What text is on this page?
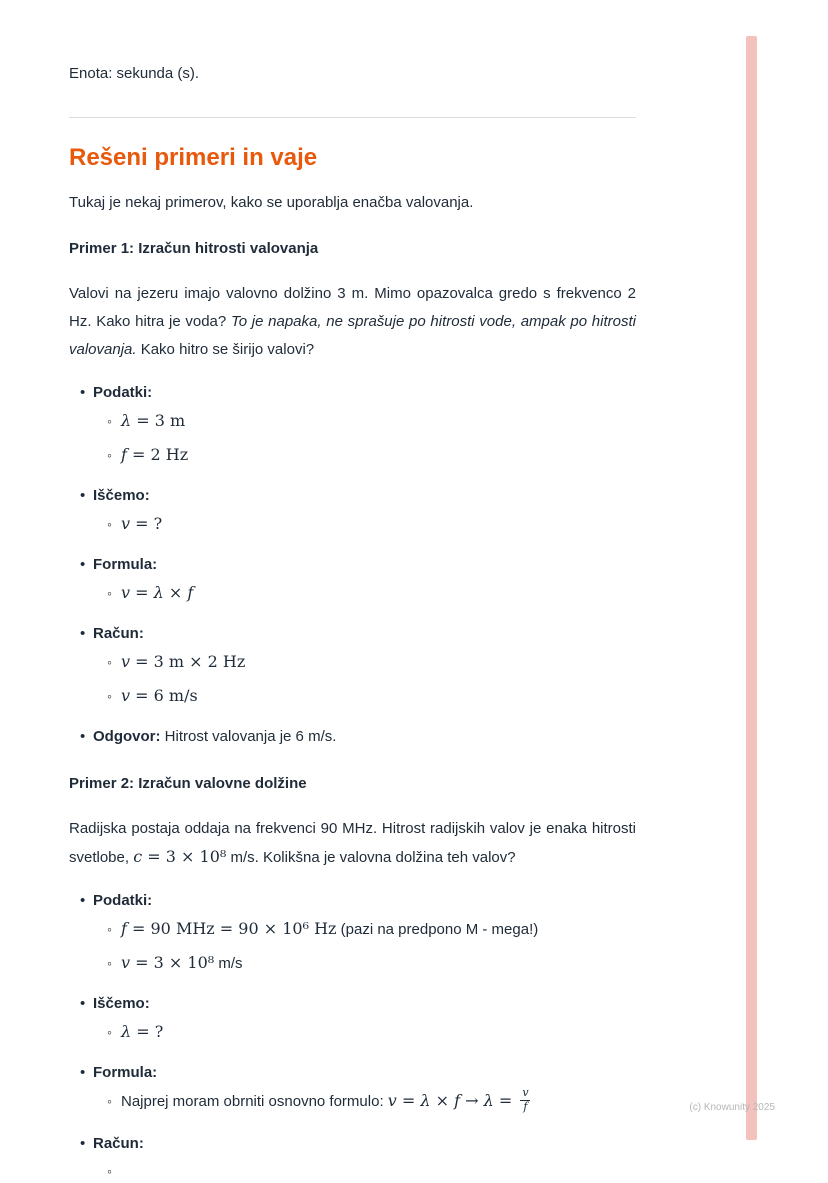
Enota: sekunda (s).

Rešeni primeri in vaje

Tukaj je nekaj primerov, kako se uporablja enačba valovanja.

Primer 1: Izračun hitrosti valovanja

Valovi na jezeru imajo valovno dolžino 3 m. Mimo opazovalca gredo s frekvenco 2 Hz. Kako hitra je voda? To je napaka, ne sprašuje po hitrosti vode, ampak po hitrosti valovanja. Kako hitro se širijo valovi?

• Podatki:
◦ λ = 3 m
◦ f = 2 Hz
• Iščemo:
◦ v = ?
• Formula:
◦ v = λ × f
• Račun:
◦ v = 3 m × 2 Hz
◦ v = 6 m/s
• Odgovor: Hitrost valovanja je 6 m/s.
Primer 2: Izračun valovne dolžine

Radijska postaja oddaja na frekvenci 90 MHz. Hitrost radijskih valov je enaka hitrosti svetlobe, c = 3 × 10⁸ m/s. Kolikšna je valovna dolžina teh valov?

• Podatki:
◦ f = 90 MHz = 90 × 10⁶ Hz (pazi na predpono M - mega!)
◦ v = 3 × 10⁸ m/s
• Iščemo:
◦ λ = ?
• Formula:
◦ Najprej moram obrniti osnovno formulo: $v = \lambda \times f \to \lambda = \frac{v}{f}$
• Račun:
◦
(c) Knowunity 2025
